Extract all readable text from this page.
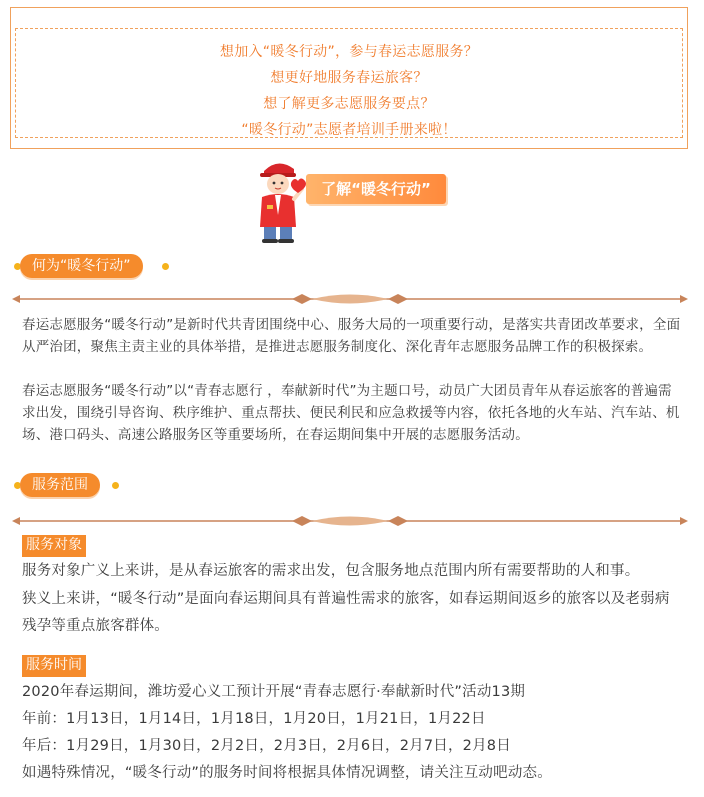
想加入“暖冬行动”，参与春运志愿服务？
想更好地服务春运旅客？
想了解更多志愿服务要点？
“暖冬行动”志愿者培训手册来啦！
了解“暖冬行动”
何为“暖冬行动”
春运志愿服务“暖冬行动”是新时代共青团围绕中心、服务大局的一项重要行动，是落实共青团改革要求，全面从严治团，聚焦主责主业的具体举措，是推进志愿服务制度化、深化青年志愿服务品牌工作的积极探索。
春运志愿服务“暖冬行动”以“青春志愿行 ，奉献新时代”为主题口号，动员广大团员青年从春运旅客的普遍需求出发，围绕引导咨询、秩序维护、重点帮扶、便民利民和应急救援等内容，依托各地的火车站、汽车站、机场、港口码头、高速公路服务区等重要场所，在春运期间集中开展的志愿服务活动。
服务范围
服务对象
服务对象广义上来讲，是从春运旅客的需求出发，包含服务地点范围内所有需要帮助的人和事。
狭义上来讲，“暖冬行动”是面向春运期间具有普遍性需求的旅客，如春运期间返乡的旅客以及老弱病残孕等重点旅客群体。
服务时间
2020年春运期间，潍坊爱心义工预计开展“青春志愿行·奉献新时代”活动13期
年前：1月13日，1月14日，1月18日，1月20日，1月21日，1月22日
年后：1月29日，1月30日，2月2日，2月3日，2月6日，2月7日，2月8日
如遇特殊情况，“暖冬行动”的服务时间将根据具体情况调整，请关注互动吧动态。
